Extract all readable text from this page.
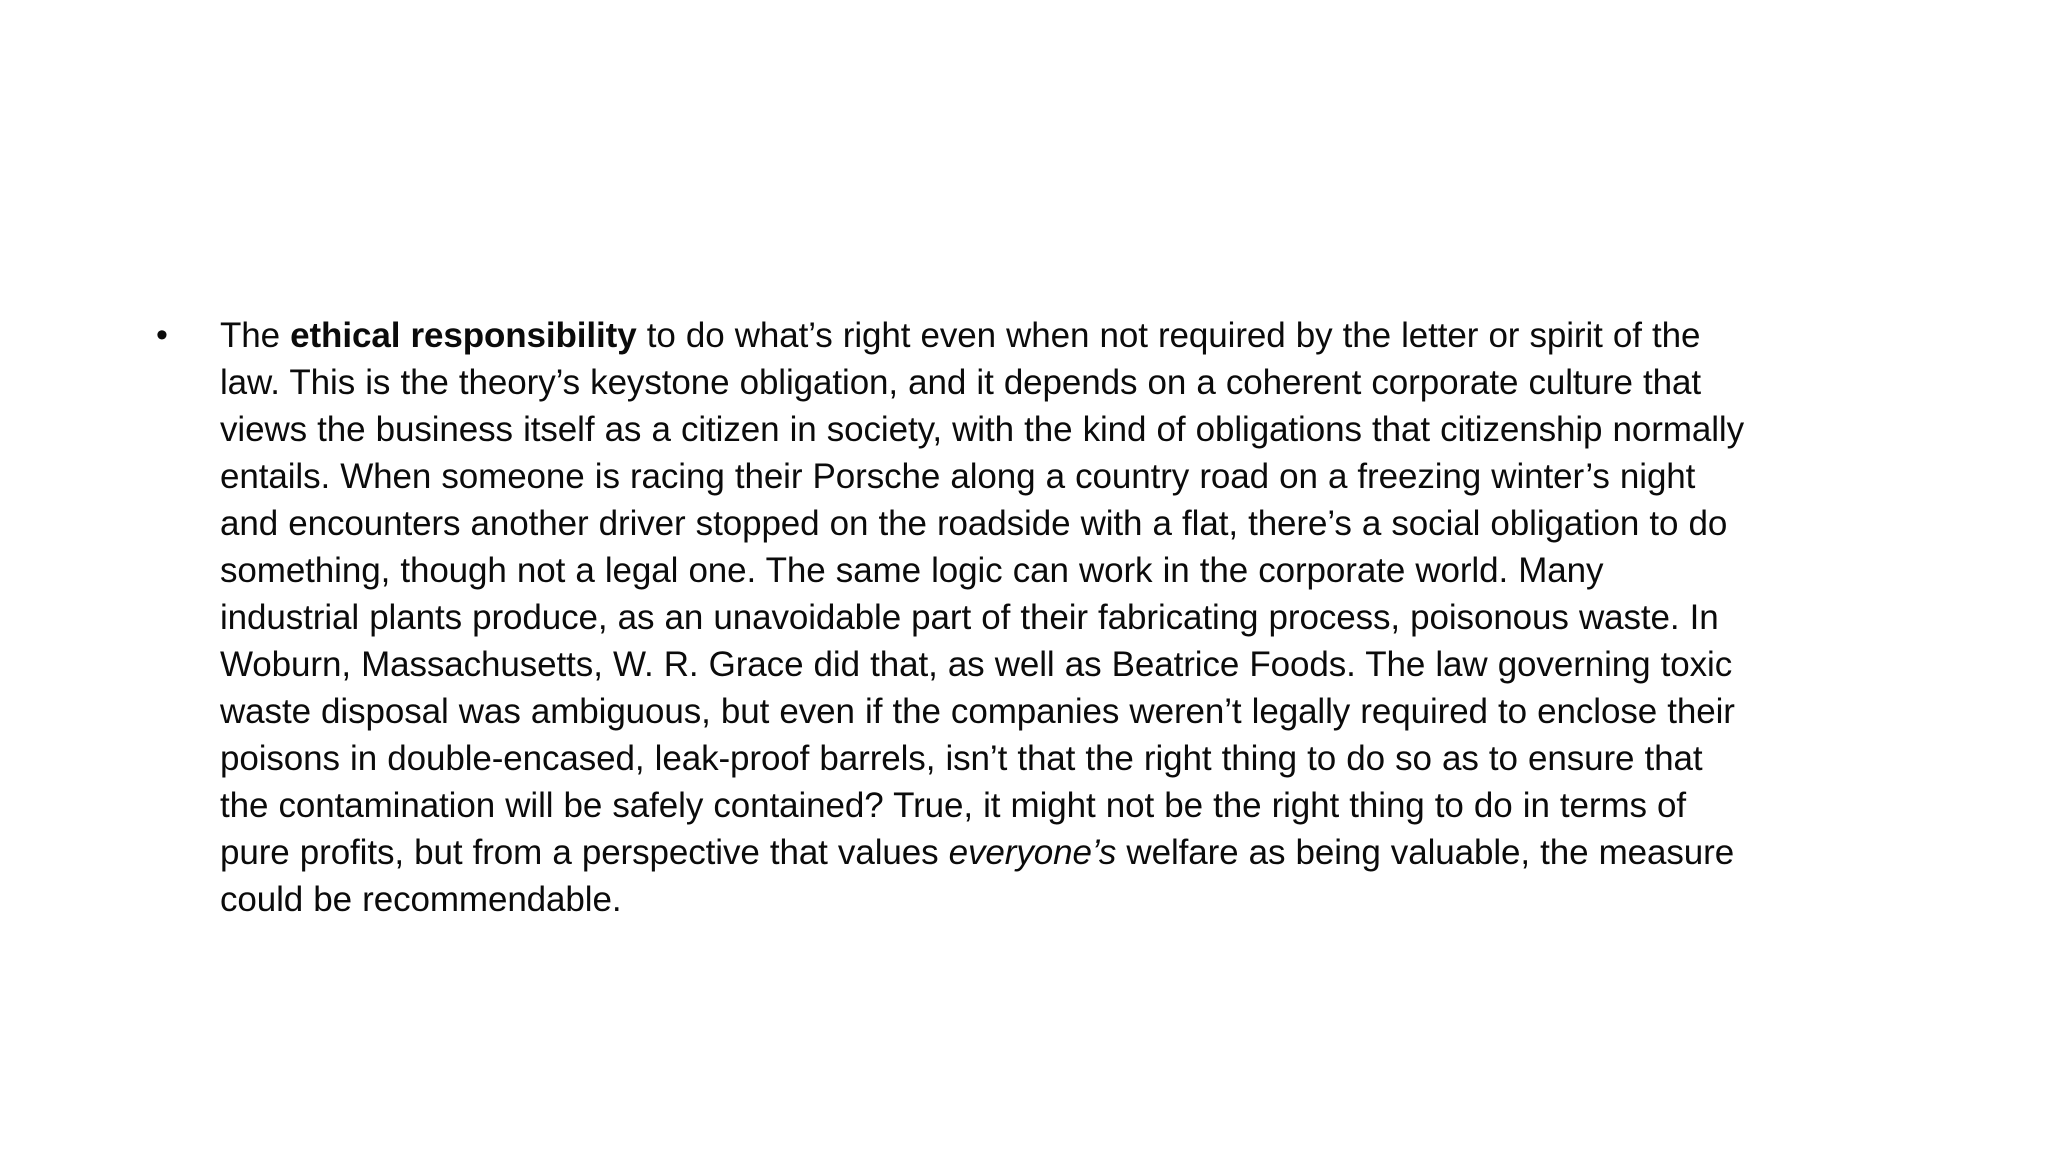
•	The ethical responsibility to do what’s right even when not required by the letter or spirit of the
law. This is the theory’s keystone obligation, and it depends on a coherent corporate culture that
views the business itself as a citizen in society, with the kind of obligations that citizenship normally
entails. When someone is racing their Porsche along a country road on a freezing winter’s night
and encounters another driver stopped on the roadside with a flat, there’s a social obligation to do
something, though not a legal one. The same logic can work in the corporate world. Many
industrial plants produce, as an unavoidable part of their fabricating process, poisonous waste. In
Woburn, Massachusetts, W. R. Grace did that, as well as Beatrice Foods. The law governing toxic
waste disposal was ambiguous, but even if the companies weren’t legally required to enclose their
poisons in double-encased, leak-proof barrels, isn’t that the right thing to do so as to ensure that
the contamination will be safely contained? True, it might not be the right thing to do in terms of
pure profits, but from a perspective that values everyone’s welfare as being valuable, the measure
could be recommendable.
